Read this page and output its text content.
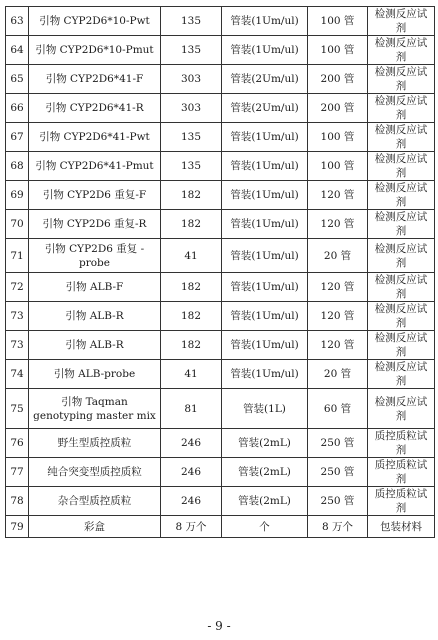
63	引物 CYP2D6*10-Pwt	135	管装(1Um/ul)	100 管	检测反应试剂
64	引物 CYP2D6*10-Pmut	135	管装(1Um/ul)	100 管	检测反应试剂
65	引物 CYP2D6*41-F	303	管装(2Um/ul)	200 管	检测反应试剂
66	引物 CYP2D6*41-R	303	管装(2Um/ul)	200 管	检测反应试剂
67	引物 CYP2D6*41-Pwt	135	管装(1Um/ul)	100 管	检测反应试剂
68	引物 CYP2D6*41-Pmut	135	管装(1Um/ul)	100 管	检测反应试剂
69	引物 CYP2D6 重复-F	182	管装(1Um/ul)	120 管	检测反应试剂
70	引物 CYP2D6 重复-R	182	管装(1Um/ul)	120 管	检测反应试剂
71	引物 CYP2D6 重复 -probe	41	管装(1Um/ul)	20 管	检测反应试剂
72	引物 ALB-F	182	管装(1Um/ul)	120 管	检测反应试剂
73	引物 ALB-R	182	管装(1Um/ul)	120 管	检测反应试剂
73	引物 ALB-R	182	管装(1Um/ul)	120 管	检测反应试剂
74	引物 ALB-probe	41	管装(1Um/ul)	20 管	检测反应试剂
75	引物 Taqman genotyping master mix	81	管装(1L)	60 管	检测反应试剂
76	野生型质控质粒	246	管装(2mL)	250 管	质控质粒试剂
77	纯合突变型质控质粒	246	管装(2mL)	250 管	质控质粒试剂
78	杂合型质控质粒	246	管装(2mL)	250 管	质控质粒试剂
79	彩盒	8 万个	个	8 万个	包装材料
- 9 -
